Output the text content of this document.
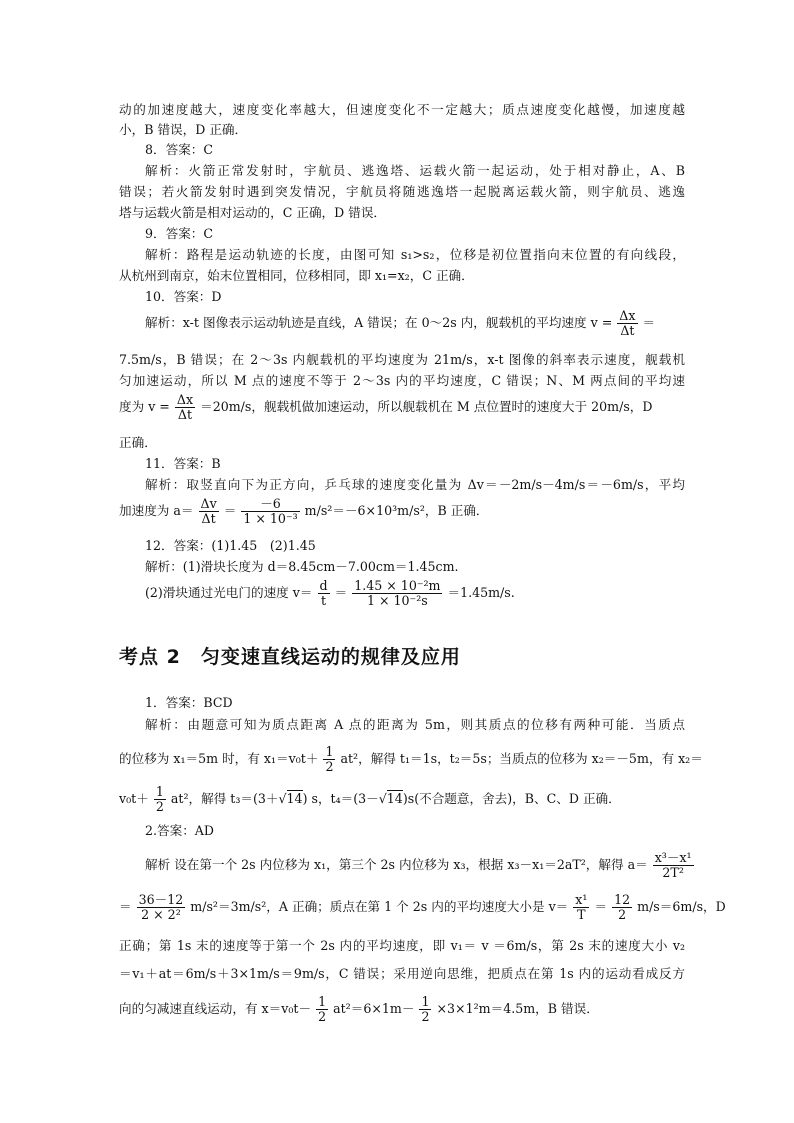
动的加速度越大，速度变化率越大，但速度变化不一定越大；质点速度变化越慢，加速度越
小，B 错误，D 正确．
8．答案：C
解析：火箭正常发射时，宇航员、逃逸塔、运载火箭一起运动，处于相对静止，A、B
错误；若火箭发射时遇到突发情况，宇航员将随逃逸塔一起脱离运载火箭，则宇航员、逃逸
塔与运载火箭是相对运动的，C 正确，D 错误．
9．答案：C
解析：路程是运动轨迹的长度，由图可知 s₁>s₂，位移是初位置指向末位置的有向线段，
从杭州到南京，始末位置相同，位移相同，即 x₁=x₂，C 正确．
10．答案：D
解析：x-t 图像表示运动轨迹是直线，A 错误；在 0～2s 内，舰载机的平均速度 $v = \frac{\Delta x}{\Delta t}$ ＝
7.5m/s，B 错误；在 2～3s 内舰载机的平均速度为 21m/s，x-t 图像的斜率表示速度，舰载机
匀加速运动，所以 M 点的速度不等于 2～3s 内的平均速度，C 错误；N、M 两点间的平均速
度为 $v = \frac{\Delta x}{\Delta t} =20m/s$，舰载机做加速运动，所以舰载机在 M 点位置时的速度大于 20m/s，D
正确．
11．答案：B
解析：取竖直向下为正方向，乒乓球的速度变化量为 Δv＝－2m/s－4m/s＝－6m/s，平均
加速度为 $a= \frac{\Delta v}{\Delta t} = \frac{-6}{\text{1 × 10⁻³}} m/s^2=-6\times 10^3m/s^2$，B 正确．
12．答案：(1)1.45　(2)1.45
解析：(1)滑块长度为 d＝8.45cm－7.00cm＝1.45cm.
(2)滑块通过光电门的速度 $v= \frac{d}{t} = \frac{\text{1.45 × 10⁻²m}}{\text{1 × 10⁻²s}} =1.45m/s$.
考点 2　匀变速直线运动的规律及应用
1．答案：BCD
解析：由题意可知为质点距离 A 点的距离为 5m，则其质点的位移有两种可能．当质点
的位移为 x₁＝5m 时，有 $x_1=v_0t+ \frac{1}{2} at^2$，解得 t₁＝1s，t₂＝5s；当质点的位移为 x₂＝－5m，有 x₂＝
$v_0t+ \frac{1}{2} at^2$，解得 t₃＝(3＋√14) s，t₄＝(3－√14)s(不合题意，舍去)，B、C、D 正确．
2.答案：AD
解析 设在第一个 2s 内位移为 x₁，第三个 2s 内位移为 x₃，根据 x₃－x₁＝2aT²，解得 $a= \frac{\text{x³－x¹}}{\text{2T²}}$
＝ $\frac{36-12}{\text{2 × 2²}} m/s^2=3m/s^2$，A 正确；质点在第 1 个 2s 内的平均速度大小是 $v= \frac{\text{x¹}}{T} = \frac{12}{2} m/s=6m/s$，D
正确；第 1s 末的速度等于第一个 2s 内的平均速度，即 v₁＝ v ＝6m/s，第 2s 末的速度大小 v₂
＝v₁＋at＝6m/s＋3×1m/s＝9m/s，C 错误；采用逆向思维，把质点在第 1s 内的运动看成反方
向的匀减速直线运动，有 $x=v_0t- \frac{1}{2} at^2=6\times 1m- \frac{1}{2} \times 3\times 1^2m=4.5m$，B 错误．
